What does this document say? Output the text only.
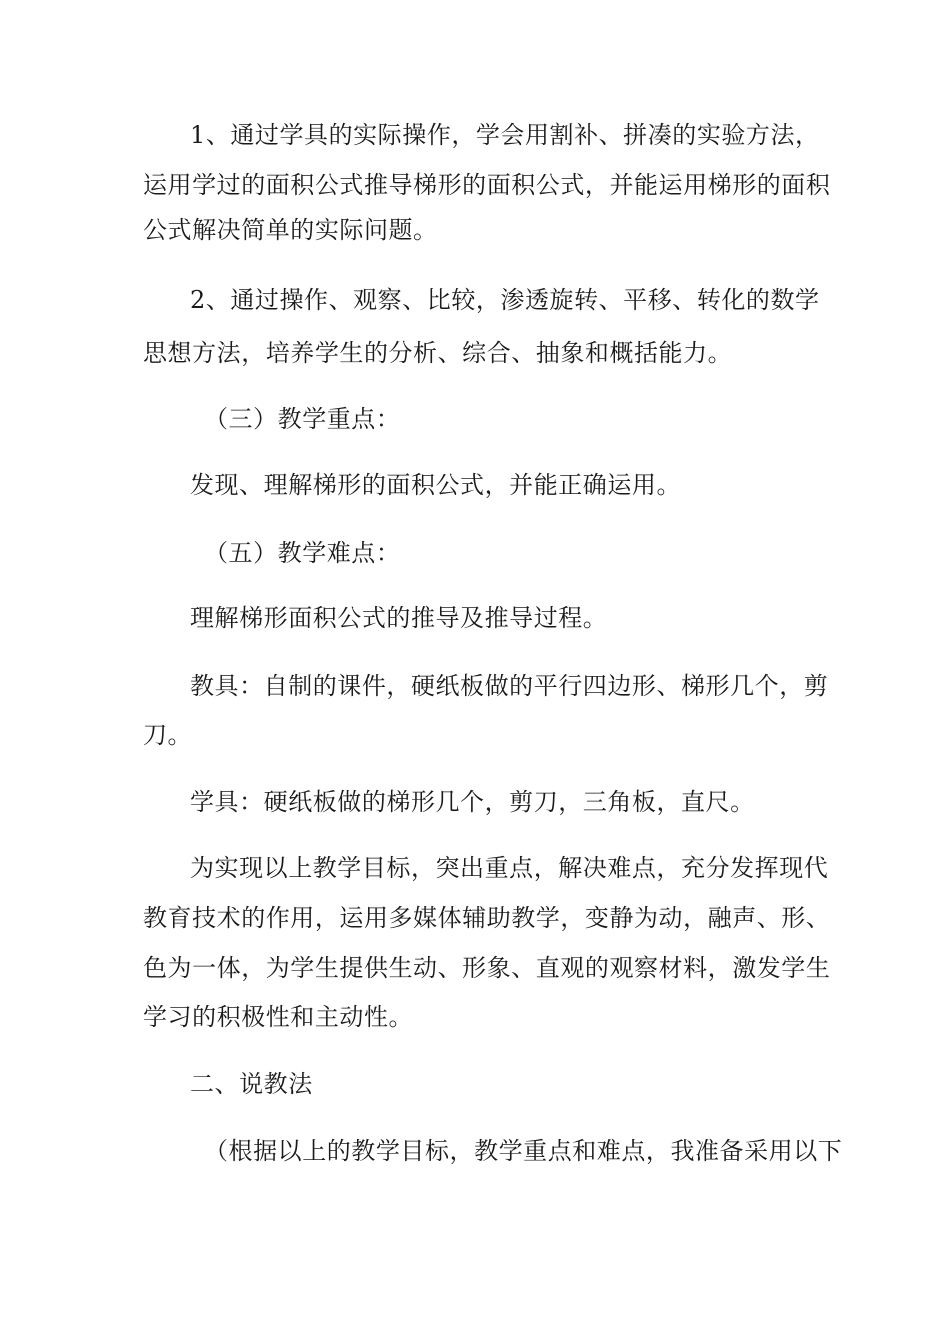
1、通过学具的实际操作，学会用割补、拼凑的实验方法，
运用学过的面积公式推导梯形的面积公式，并能运用梯形的面积
公式解决简单的实际问题。
2、通过操作、观察、比较，渗透旋转、平移、转化的数学
思想方法，培养学生的分析、综合、抽象和概括能力。
（三）教学重点：
发现、理解梯形的面积公式，并能正确运用。
（五）教学难点：
理解梯形面积公式的推导及推导过程。
教具：自制的课件，硬纸板做的平行四边形、梯形几个，剪
刀。
学具：硬纸板做的梯形几个，剪刀，三角板，直尺。
为实现以上教学目标，突出重点，解决难点，充分发挥现代
教育技术的作用，运用多媒体辅助教学，变静为动，融声、形、
色为一体，为学生提供生动、形象、直观的观察材料，激发学生
学习的积极性和主动性。
二、说教法
（根据以上的教学目标，教学重点和难点，我准备采用以下
